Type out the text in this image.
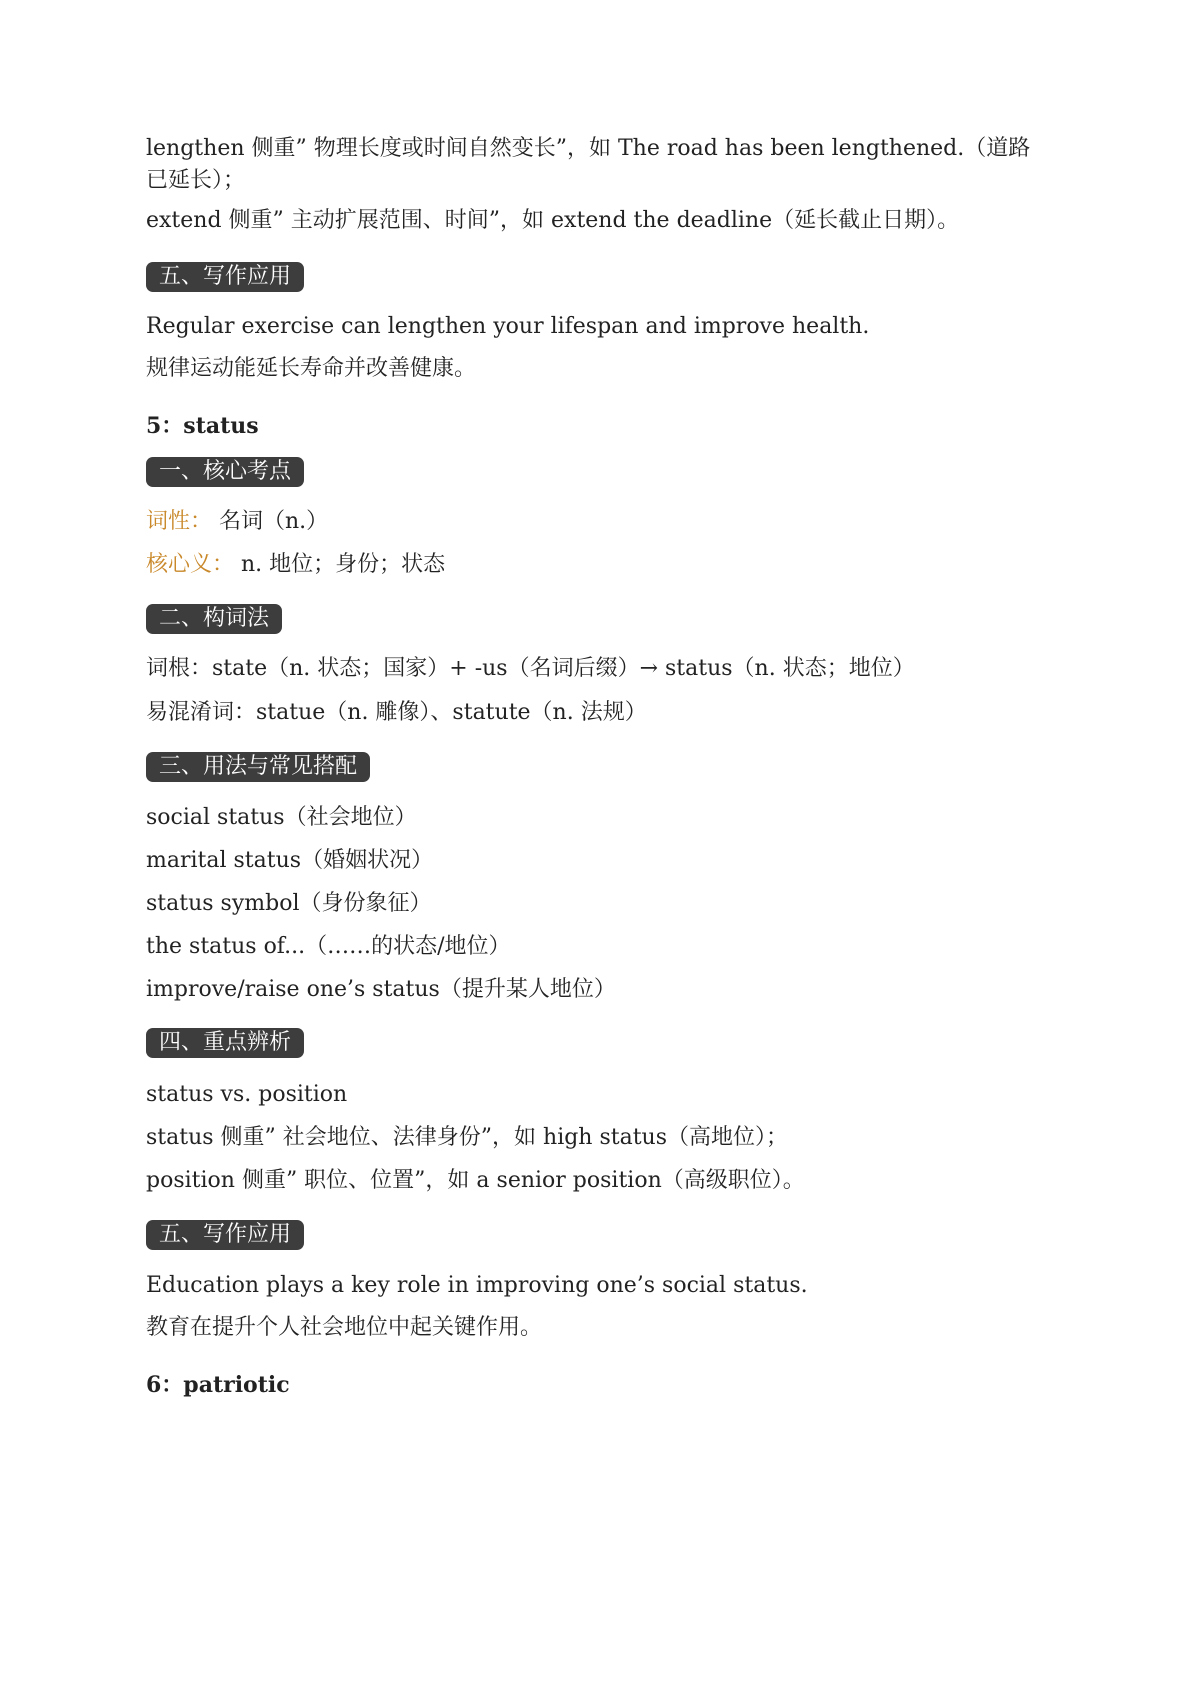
lengthen 侧重” 物理长度或时间自然变长”，如 The road has been lengthened.（道路已延长）；
extend 侧重” 主动扩展范围、时间”，如 extend the deadline（延长截止日期）。
五、写作应用
Regular exercise can lengthen your lifespan and improve health.
规律运动能延长寿命并改善健康。
5：status
一、核心考点
词性： 名词（n.）
核心义： n. 地位；身份；状态
二、构词法
词根：state（n. 状态；国家）+ -us（名词后缀）→ status（n. 状态；地位）
易混淆词：statue（n. 雕像）、statute（n. 法规）
三、用法与常见搭配
social status（社会地位）
marital status（婚姻状况）
status symbol（身份象征）
the status of...（……的状态/地位）
improve/raise one’s status（提升某人地位）
四、重点辨析
status vs. position
status 侧重” 社会地位、法律身份”，如 high status（高地位）；
position 侧重” 职位、位置”，如 a senior position（高级职位）。
五、写作应用
Education plays a key role in improving one’s social status.
教育在提升个人社会地位中起关键作用。
6：patriotic
